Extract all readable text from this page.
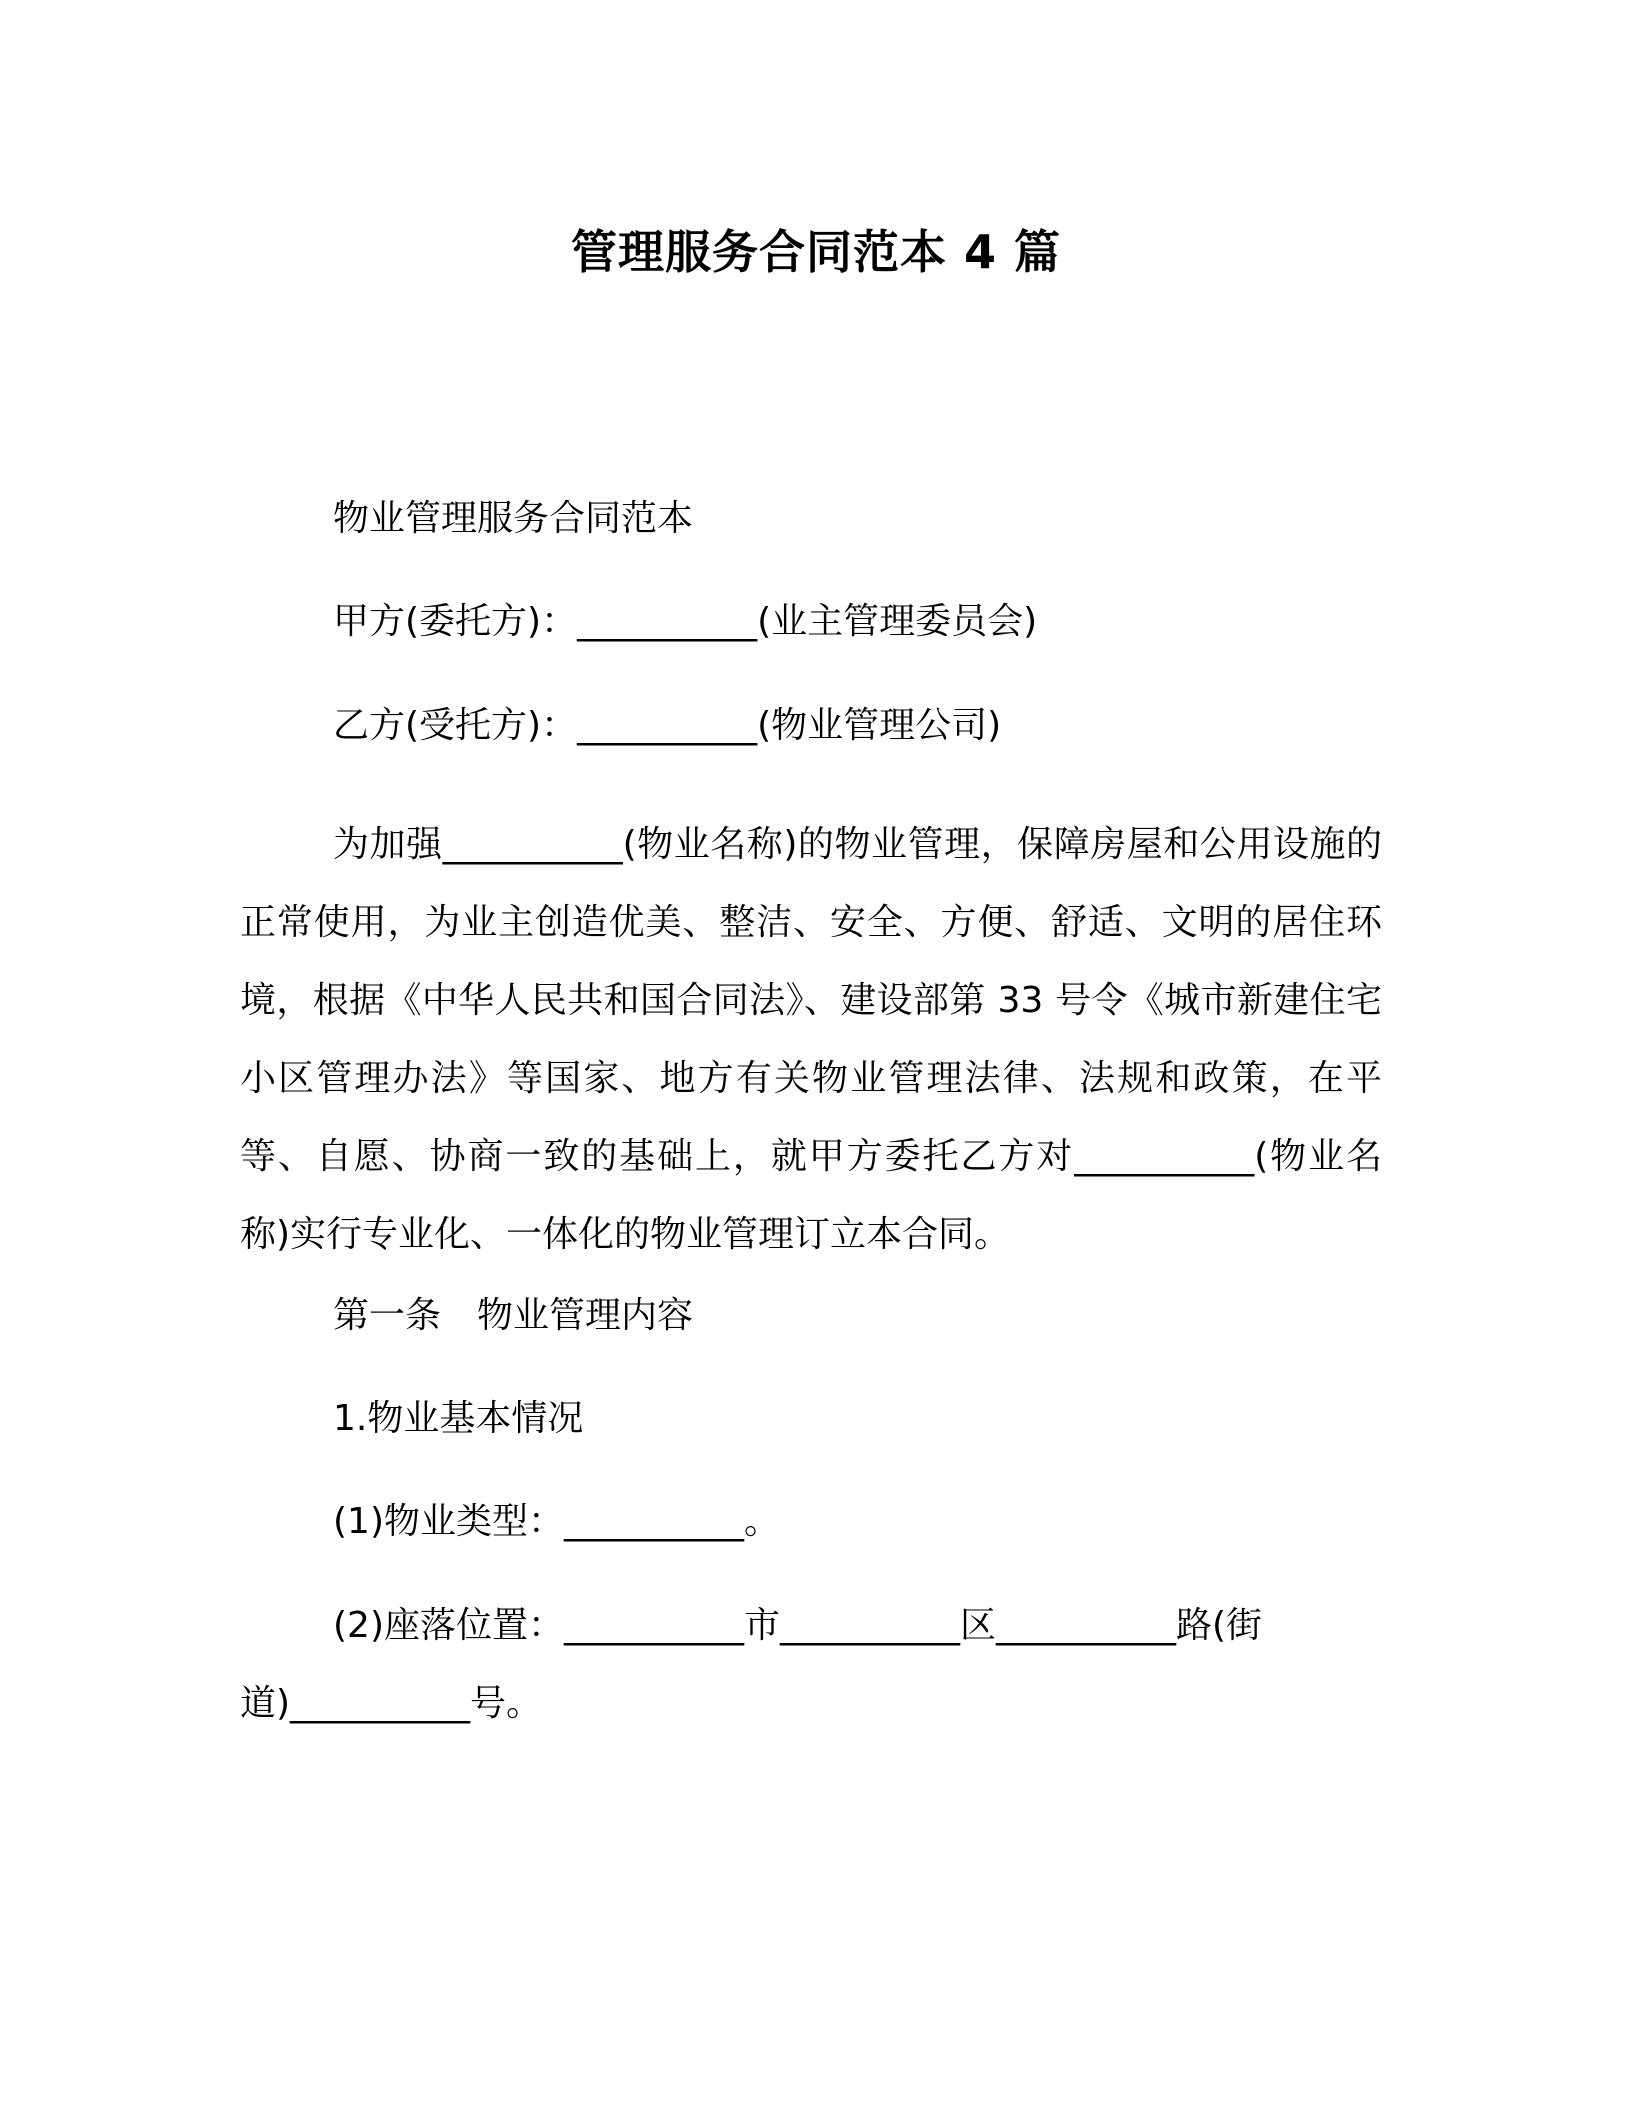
管理服务合同范本 4 篇
物业管理服务合同范本
甲方(委托方)：__________(业主管理委员会)
乙方(受托方)：__________(物业管理公司)
为加强__________(物业名称)的物业管理，保障房屋和公用设施的正常使用，为业主创造优美、整洁、安全、方便、舒适、文明的居住环境，根据《中华人民共和国合同法》、建设部第 33 号令《城市新建住宅小区管理办法》等国家、地方有关物业管理法律、法规和政策，在平等、自愿、协商一致的基础上，就甲方委托乙方对__________(物业名称)实行专业化、一体化的物业管理订立本合同。
第一条　物业管理内容
1.物业基本情况
(1)物业类型：__________。
(2)座落位置：__________市__________区__________路(街
道)__________号。
